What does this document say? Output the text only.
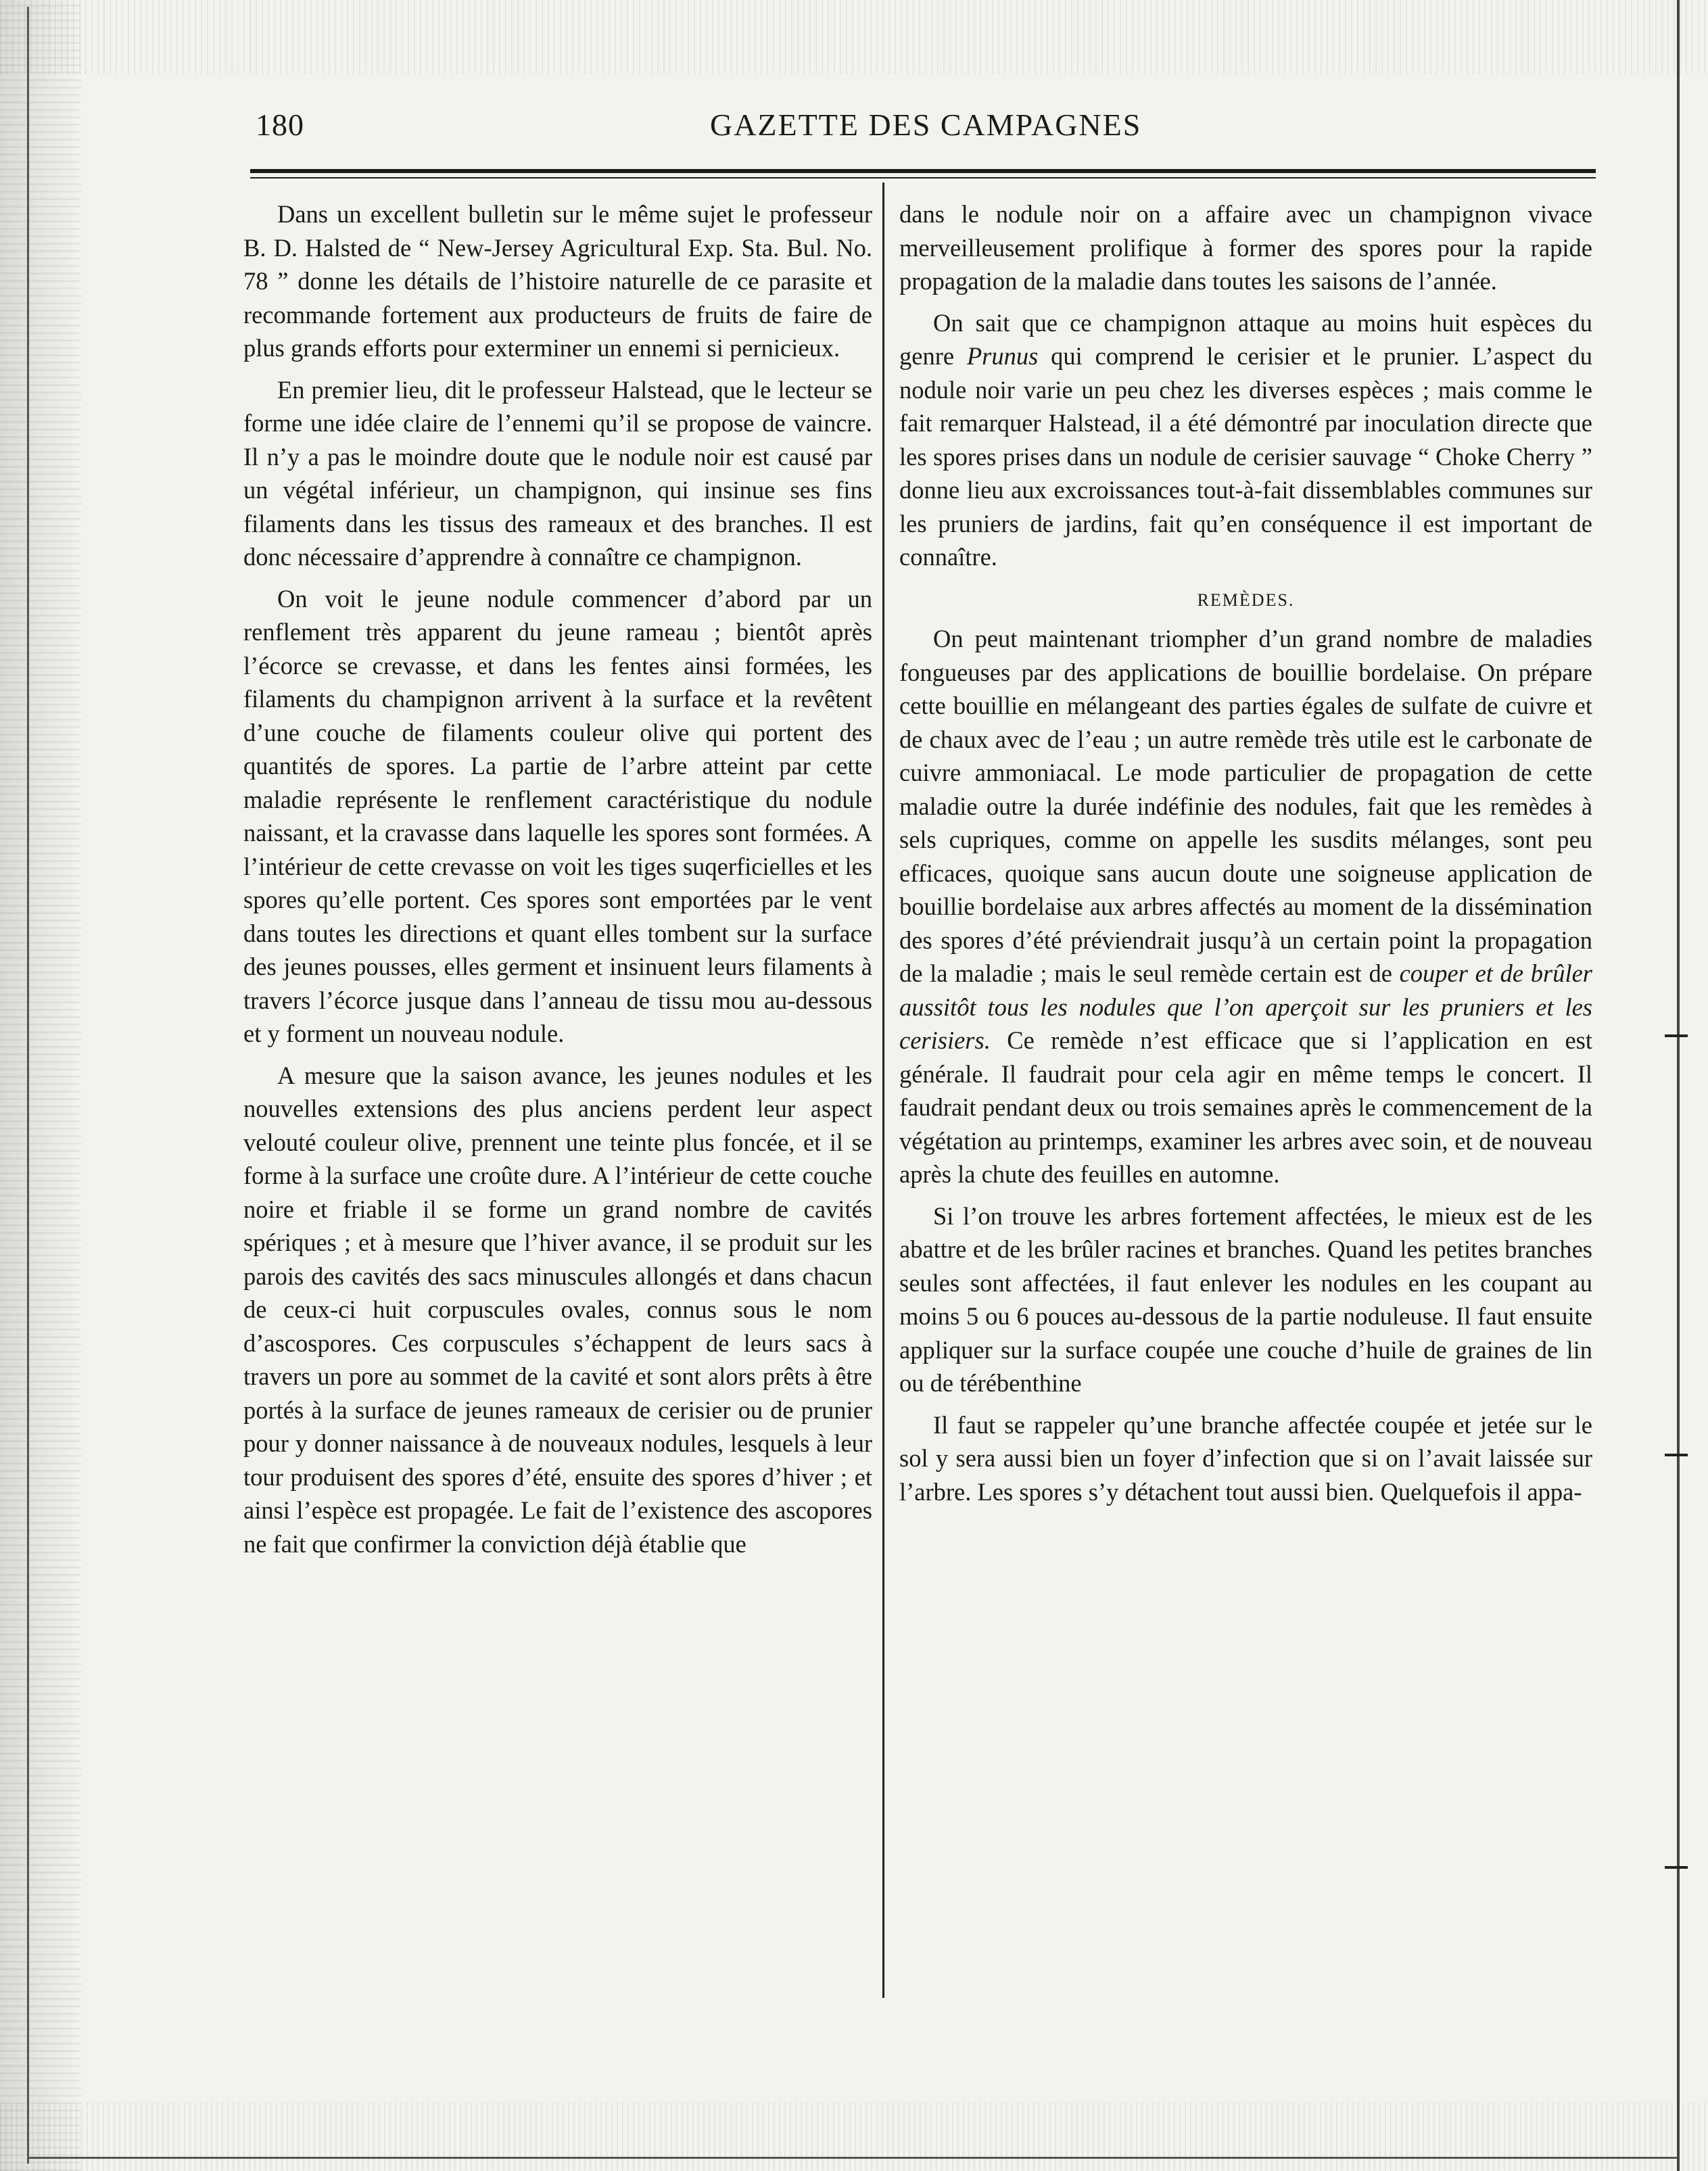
180	GAZETTE DES CAMPAGNES

Dans un excellent bulletin sur le même sujet le professeur B. D. Halsted de “ New-Jersey Agricultural Exp. Sta. Bul. No. 78 ” donne les détails de l’histoire naturelle de ce parasite et recommande fortement aux producteurs de fruits de faire de plus grands efforts pour exterminer un ennemi si pernicieux.

En premier lieu, dit le professeur Halstead, que le lecteur se forme une idée claire de l’ennemi qu’il se propose de vaincre. Il n’y a pas le moindre doute que le nodule noir est causé par un végétal inférieur, un champignon, qui insinue ses fins filaments dans les tissus des rameaux et des branches. Il est donc nécessaire d’apprendre à connaître ce champignon.

On voit le jeune nodule commencer d’abord par un renflement très apparent du jeune rameau ; bientôt après l’écorce se crevasse, et dans les fentes ainsi formées, les filaments du champignon arrivent à la surface et la revêtent d’une couche de filaments couleur olive qui portent des quantités de spores. La partie de l’arbre atteint par cette maladie représente le renflement caractéristique du nodule naissant, et la cravasse dans laquelle les spores sont formées. A l’intérieur de cette crevasse on voit les tiges suqerficielles et les spores qu’elle portent. Ces spores sont emportées par le vent dans toutes les directions et quant elles tombent sur la surface des jeunes pousses, elles germent et insinuent leurs filaments à travers l’écorce jusque dans l’anneau de tissu mou au-dessous et y forment un nouveau nodule.

A mesure que la saison avance, les jeunes nodules et les nouvelles extensions des plus anciens perdent leur aspect velouté couleur olive, prennent une teinte plus foncée, et il se forme à la surface une croûte dure. A l’intérieur de cette couche noire et friable il se forme un grand nombre de cavités spériques ; et à mesure que l’hiver avance, il se produit sur les parois des cavités des sacs minuscules allongés et dans chacun de ceux-ci huit corpuscules ovales, connus sous le nom d’ascospores. Ces corpuscules s’échappent de leurs sacs à travers un pore au sommet de la cavité et sont alors prêts à être portés à la surface de jeunes rameaux de cerisier ou de prunier pour y donner naissance à de nouveaux nodules, lesquels à leur tour produisent des spores d’été, ensuite des spores d’hiver ; et ainsi l’espèce est propagée. Le fait de l’existence des ascopores ne fait que confirmer la conviction déjà établie que

dans le nodule noir on a affaire avec un champignon vivace merveilleusement prolifique à former des spores pour la rapide propagation de la maladie dans toutes les saisons de l’année.

On sait que ce champignon attaque au moins huit espèces du genre Prunus qui comprend le cerisier et le prunier. L’aspect du nodule noir varie un peu chez les diverses espèces ; mais comme le fait remarquer Halstead, il a été démontré par inoculation directe que les spores prises dans un nodule de cerisier sauvage “ Choke Cherry ” donne lieu aux excroissances tout-à-fait dissemblables communes sur les pruniers de jardins, fait qu’en conséquence il est important de connaître.

REMÈDES.

On peut maintenant triompher d’un grand nombre de maladies fongueuses par des applications de bouillie bordelaise. On prépare cette bouillie en mélangeant des parties égales de sulfate de cuivre et de chaux avec de l’eau ; un autre remède très utile est le carbonate de cuivre ammoniacal. Le mode particulier de propagation de cette maladie outre la durée indéfinie des nodules, fait que les remèdes à sels cupriques, comme on appelle les susdits mélanges, sont peu efficaces, quoique sans aucun doute une soigneuse application de bouillie bordelaise aux arbres affectés au moment de la dissémination des spores d’été préviendrait jusqu’à un certain point la propagation de la maladie ; mais le seul remède certain est de couper et de brûler aussitôt tous les nodules que l’on aperçoit sur les pruniers et les cerisiers. Ce remède n’est efficace que si l’application en est générale. Il faudrait pour cela agir en même temps le concert. Il faudrait pendant deux ou trois semaines après le commencement de la végétation au printemps, examiner les arbres avec soin, et de nouveau après la chute des feuilles en automne.

Si l’on trouve les arbres fortement affectées, le mieux est de les abattre et de les brûler racines et branches. Quand les petites branches seules sont affectées, il faut enlever les nodules en les coupant au moins 5 ou 6 pouces au-dessous de la partie noduleuse. Il faut ensuite appliquer sur la surface coupée une couche d’huile de graines de lin ou de térébenthine

Il faut se rappeler qu’une branche affectée coupée et jetée sur le sol y sera aussi bien un foyer d’infection que si on l’avait laissée sur l’arbre. Les spores s’y détachent tout aussi bien. Quelquefois il appa-
